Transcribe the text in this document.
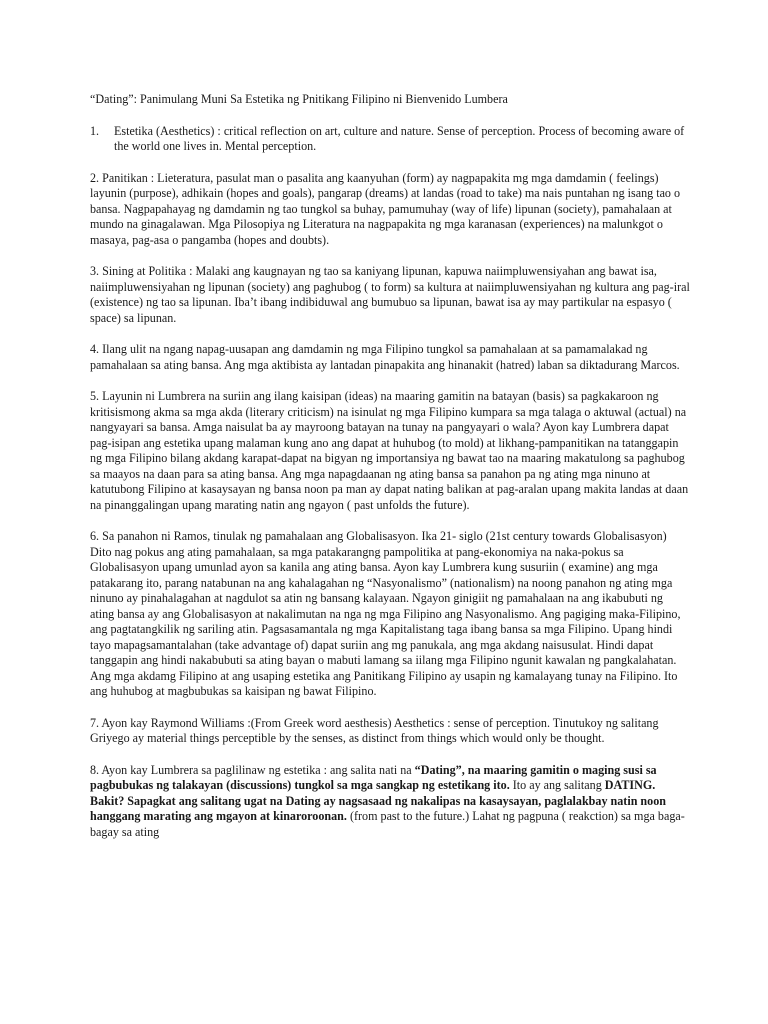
“Dating”: Panimulang Muni Sa Estetika ng Pnitikang Filipino ni Bienvenido Lumbera
1.	Estetika (Aesthetics) : critical reflection on art, culture and nature. Sense of perception. Process of becoming aware of the world one lives in. Mental perception.

2. Panitikan : Lieteratura, pasulat man o pasalita ang kaanyuhan (form) ay nagpapakita mg mga damdamin ( feelings) layunin (purpose), adhikain (hopes and goals), pangarap (dreams) at landas (road to take) ma nais puntahan ng isang tao o bansa. Nagpapahayag ng damdamin ng tao tungkol sa buhay, pamumuhay (way of life) lipunan (society), pamahalaan at mundo na ginagalawan. Mga Pilosopiya ng Literatura na nagpapakita ng mga karanasan (experiences) na malunkgot o masaya, pag-asa o pangamba (hopes and doubts).

3. Sining at Politika : Malaki ang kaugnayan ng tao sa kaniyang lipunan, kapuwa naiimpluwensiyahan ang bawat isa, naiimpluwensiyahan ng lipunan (society) ang paghubog ( to form) sa kultura at naiimpluwensiyahan ng kultura ang pag-iral (existence) ng tao sa lipunan. Iba’t ibang indibiduwal ang bumubuo sa lipunan, bawat isa ay may partikular na espasyo ( space) sa lipunan.

4. Ilang ulit na ngang napag-uusapan ang damdamin ng mga Filipino tungkol sa pamahalaan at sa pamamalakad ng pamahalaan sa ating bansa. Ang mga aktibista ay lantadan pinapakita ang hinanakit (hatred) laban sa diktadurang Marcos.

5. Layunin ni Lumbrera na suriin ang ilang kaisipan (ideas) na maaring gamitin na batayan (basis) sa pagkakaroon ng kritisismong akma sa mga akda (literary criticism) na isinulat ng mga Filipino kumpara sa mga talaga o aktuwal (actual) na nangyayari sa bansa. Amga naisulat ba ay mayroong batayan na tunay na pangyayari o wala? Ayon kay Lumbrera dapat pag-isipan ang estetika upang malaman kung ano ang dapat at huhubog (to mold) at likhang-pampanitikan na tatanggapin ng mga Filipino bilang akdang karapat-dapat na bigyan ng importansiya ng bawat tao na maaring makatulong sa paghubog sa maayos na daan para sa ating bansa. Ang mga napagdaanan ng ating bansa sa panahon pa ng ating mga ninuno at katutubong Filipino at kasaysayan ng bansa noon pa man ay dapat nating balikan at pag-aralan upang makita landas at daan na pinanggalingan upang marating natin ang ngayon ( past unfolds the future).

6. Sa panahon ni Ramos, tinulak ng pamahalaan ang Globalisasyon. Ika 21- siglo (21st century towards Globalisasyon) Dito nag pokus ang ating pamahalaan, sa mga patakarangng pampolitika at pang-ekonomiya na naka-pokus sa Globalisasyon upang umunlad ayon sa kanila ang ating bansa. Ayon kay Lumbrera kung susuriin ( examine) ang mga patakarang ito, parang natabunan na ang kahalagahan ng “Nasyonalismo” (nationalism) na noong panahon ng ating mga ninuno ay pinahalagahan at nagdulot sa atin ng bansang kalayaan. Ngayon ginigiit ng pamahalaan na ang ikabubuti ng ating bansa ay ang Globalisasyon at nakalimutan na nga ng mga Filipino ang Nasyonalismo. Ang pagiging maka-Filipino, ang pagtatangkilik ng sariling atin. Pagsasamantala ng mga Kapitalistang taga ibang bansa sa mga Filipino. Upang hindi tayo mapagsamantalahan (take advantage of) dapat suriin ang mg panukala, ang mga akdang naisusulat. Hindi dapat tanggapin ang hindi nakabubuti sa ating bayan o mabuti lamang sa iilang mga Filipino ngunit kawalan ng pangkalahatan. Ang mga akdamg Filipino at ang usaping estetika ang Panitikang Filipino ay usapin ng kamalayang tunay na Filipino. Ito ang huhubog at magbubukas sa kaisipan ng bawat Filipino.

7. Ayon kay Raymond Williams :(From Greek word aesthesis) Aesthetics : sense of perception. Tinutukoy ng salitang Griyego ay material things perceptible by the senses, as distinct from things which would only be thought.

8. Ayon kay Lumbrera sa paglilinaw ng estetika : ang salita nati na “Dating”, na maaring gamitin o maging susi sa pagbubukas ng talakayan (discussions) tungkol sa mga sangkap ng estetikang ito. Ito ay ang salitang DATING. Bakit? Sapagkat ang salitang ugat na Dating ay nagsasaad ng nakalipas na kasaysayan, paglalakbay natin noon hanggang marating ang mgayon at kinaroroonan. (from past to the future.) Lahat ng pagpuna ( reakction) sa mga baga-bagay sa ating
